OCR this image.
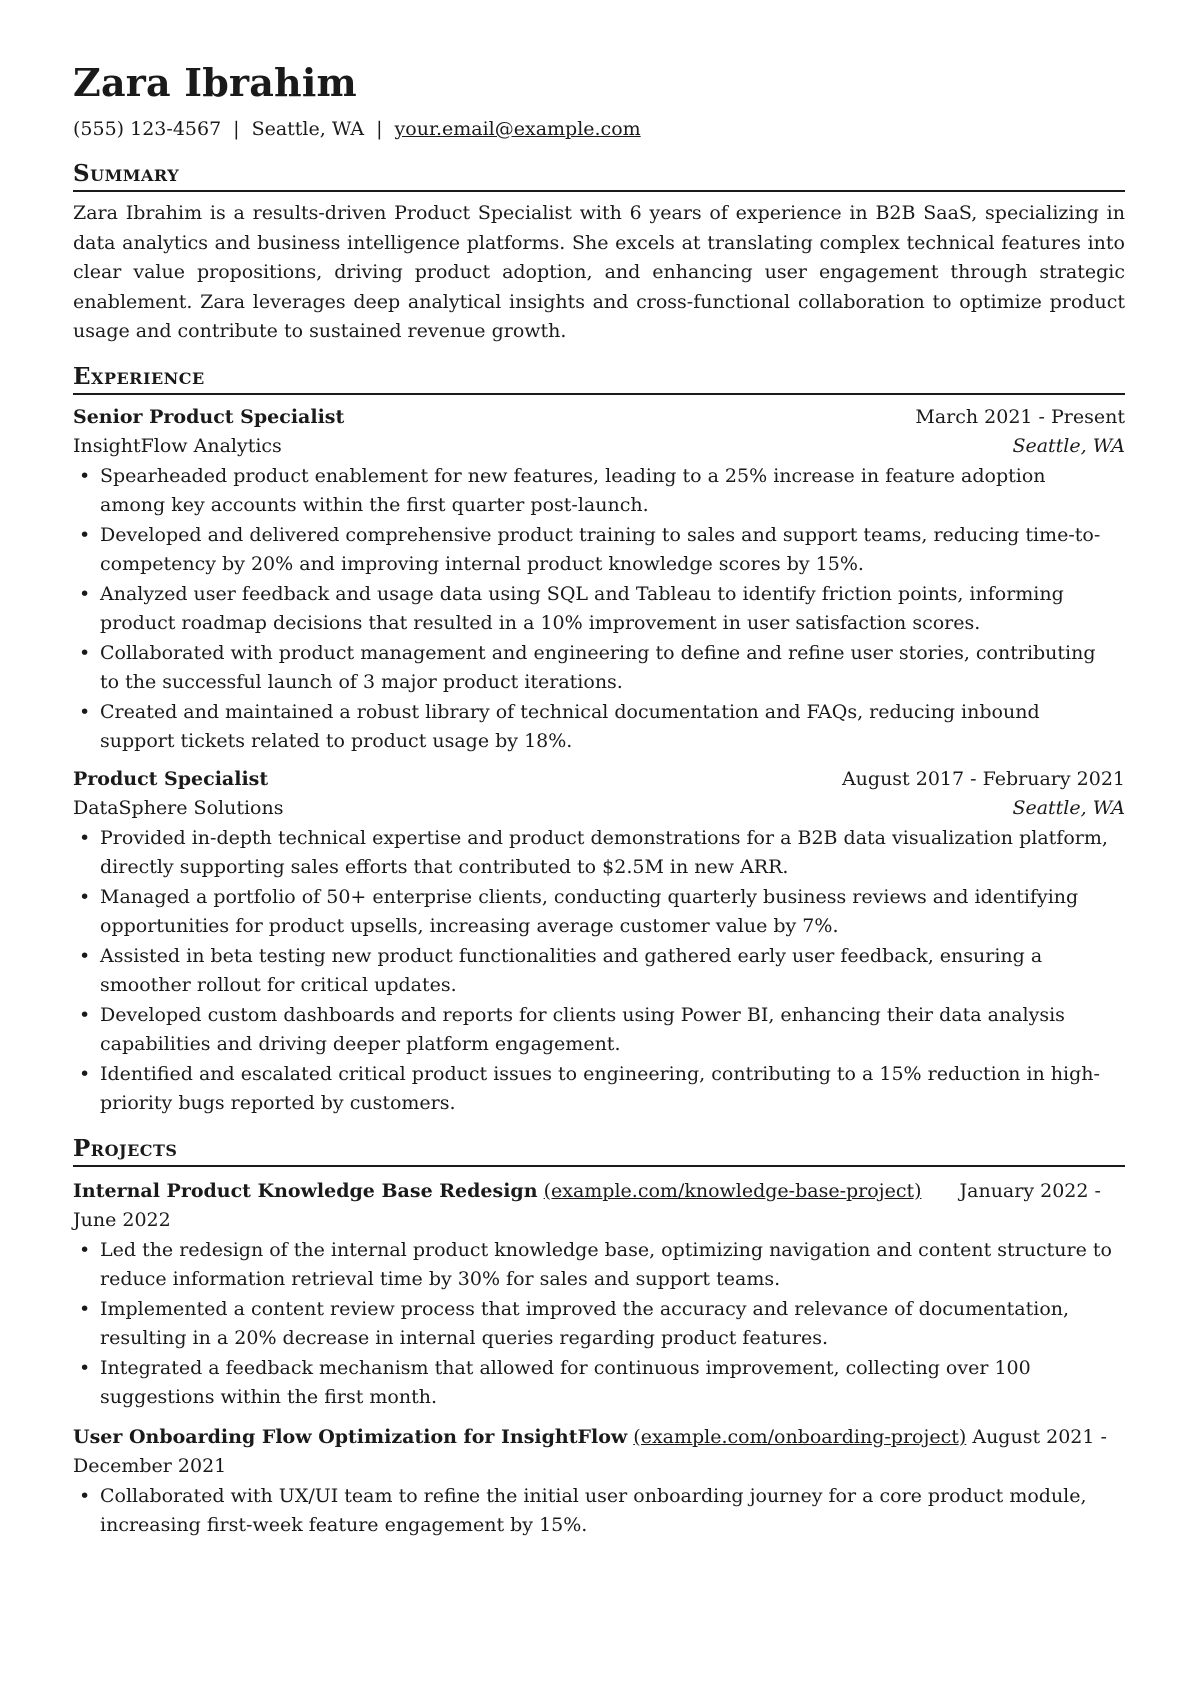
Zara Ibrahim
(555) 123-4567 | Seattle, WA | your.email@example.com
Summary
Zara Ibrahim is a results-driven Product Specialist with 6 years of experience in B2B SaaS, specializing in data analytics and business intelligence platforms. She excels at translating complex technical features into clear value propositions, driving product adoption, and enhancing user engagement through strategic enablement. Zara leverages deep analytical insights and cross-functional collaboration to optimize product usage and contribute to sustained revenue growth.
Experience
Senior Product Specialist	March 2021 - Present
InsightFlow Analytics	Seattle, WA
• Spearheaded product enablement for new features, leading to a 25% increase in feature adoption among key accounts within the first quarter post-launch.
• Developed and delivered comprehensive product training to sales and support teams, reducing time-to-competency by 20% and improving internal product knowledge scores by 15%.
• Analyzed user feedback and usage data using SQL and Tableau to identify friction points, informing product roadmap decisions that resulted in a 10% improvement in user satisfaction scores.
• Collaborated with product management and engineering to define and refine user stories, contributing to the successful launch of 3 major product iterations.
• Created and maintained a robust library of technical documentation and FAQs, reducing inbound support tickets related to product usage by 18%.
Product Specialist	August 2017 - February 2021
DataSphere Solutions	Seattle, WA
• Provided in-depth technical expertise and product demonstrations for a B2B data visualization platform, directly supporting sales efforts that contributed to $2.5M in new ARR.
• Managed a portfolio of 50+ enterprise clients, conducting quarterly business reviews and identifying opportunities for product upsells, increasing average customer value by 7%.
• Assisted in beta testing new product functionalities and gathered early user feedback, ensuring a smoother rollout for critical updates.
• Developed custom dashboards and reports for clients using Power BI, enhancing their data analysis capabilities and driving deeper platform engagement.
• Identified and escalated critical product issues to engineering, contributing to a 15% reduction in high-priority bugs reported by customers.
Projects
Internal Product Knowledge Base Redesign (example.com/knowledge-base-project) January 2022 - June 2022
• Led the redesign of the internal product knowledge base, optimizing navigation and content structure to reduce information retrieval time by 30% for sales and support teams.
• Implemented a content review process that improved the accuracy and relevance of documentation, resulting in a 20% decrease in internal queries regarding product features.
• Integrated a feedback mechanism that allowed for continuous improvement, collecting over 100 suggestions within the first month.
User Onboarding Flow Optimization for InsightFlow (example.com/onboarding-project) August 2021 - December 2021
• Collaborated with UX/UI team to refine the initial user onboarding journey for a core product module, increasing first-week feature engagement by 15%.
